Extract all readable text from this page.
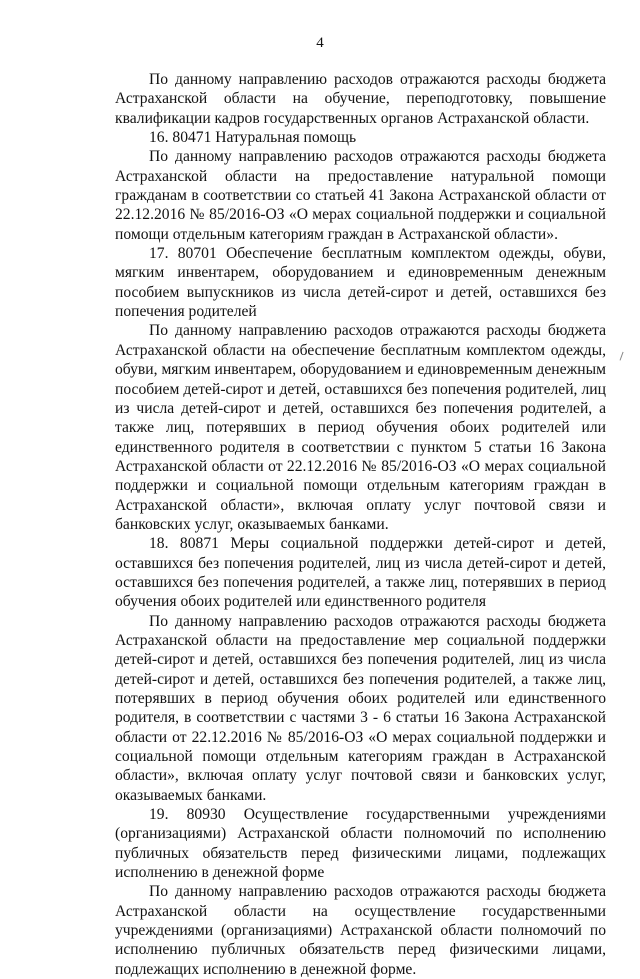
4

По данному направлению расходов отражаются расходы бюджета Астраханской области на обучение, переподготовку, повышение квалификации кадров государственных органов Астраханской области.

16. 80471 Натуральная помощь

По данному направлению расходов отражаются расходы бюджета Астраханской области на предоставление натуральной помощи гражданам в соответствии со статьей 41 Закона Астраханской области от 22.12.2016 № 85/2016-ОЗ «О мерах социальной поддержки и социальной помощи отдельным категориям граждан в Астраханской области».

17. 80701 Обеспечение бесплатным комплектом одежды, обуви, мягким инвентарем, оборудованием и единовременным денежным пособием выпускников из числа детей-сирот и детей, оставшихся без попечения родителей

По данному направлению расходов отражаются расходы бюджета Астраханской области на обеспечение бесплатным комплектом одежды, обуви, мягким инвентарем, оборудованием и единовременным денежным пособием детей-сирот и детей, оставшихся без попечения родителей, лиц из числа детей-сирот и детей, оставшихся без попечения родителей, а также лиц, потерявших в период обучения обоих родителей или единственного родителя в соответствии с пунктом 5 статьи 16 Закона Астраханской области от 22.12.2016 № 85/2016-ОЗ «О мерах социальной поддержки и социальной помощи отдельным категориям граждан в Астраханской области», включая оплату услуг почтовой связи и банковских услуг, оказываемых банками.

18. 80871 Меры социальной поддержки детей-сирот и детей, оставшихся без попечения родителей, лиц из числа детей-сирот и детей, оставшихся без попечения родителей, а также лиц, потерявших в период обучения обоих родителей или единственного родителя

По данному направлению расходов отражаются расходы бюджета Астраханской области на предоставление мер социальной поддержки детей-сирот и детей, оставшихся без попечения родителей, лиц из числа детей-сирот и детей, оставшихся без попечения родителей, а также лиц, потерявших в период обучения обоих родителей или единственного родителя, в соответствии с частями 3 - 6 статьи 16 Закона Астраханской области от 22.12.2016 № 85/2016-ОЗ «О мерах социальной поддержки и социальной помощи отдельным категориям граждан в Астраханской области», включая оплату услуг почтовой связи и банковских услуг, оказываемых банками.

19. 80930 Осуществление государственными учреждениями (организациями) Астраханской области полномочий по исполнению публичных обязательств перед физическими лицами, подлежащих исполнению в денежной форме

По данному направлению расходов отражаются расходы бюджета Астраханской области на осуществление государственными учреждениями (организациями) Астраханской области полномочий по исполнению публичных обязательств перед физическими лицами, подлежащих исполнению в денежной форме.
